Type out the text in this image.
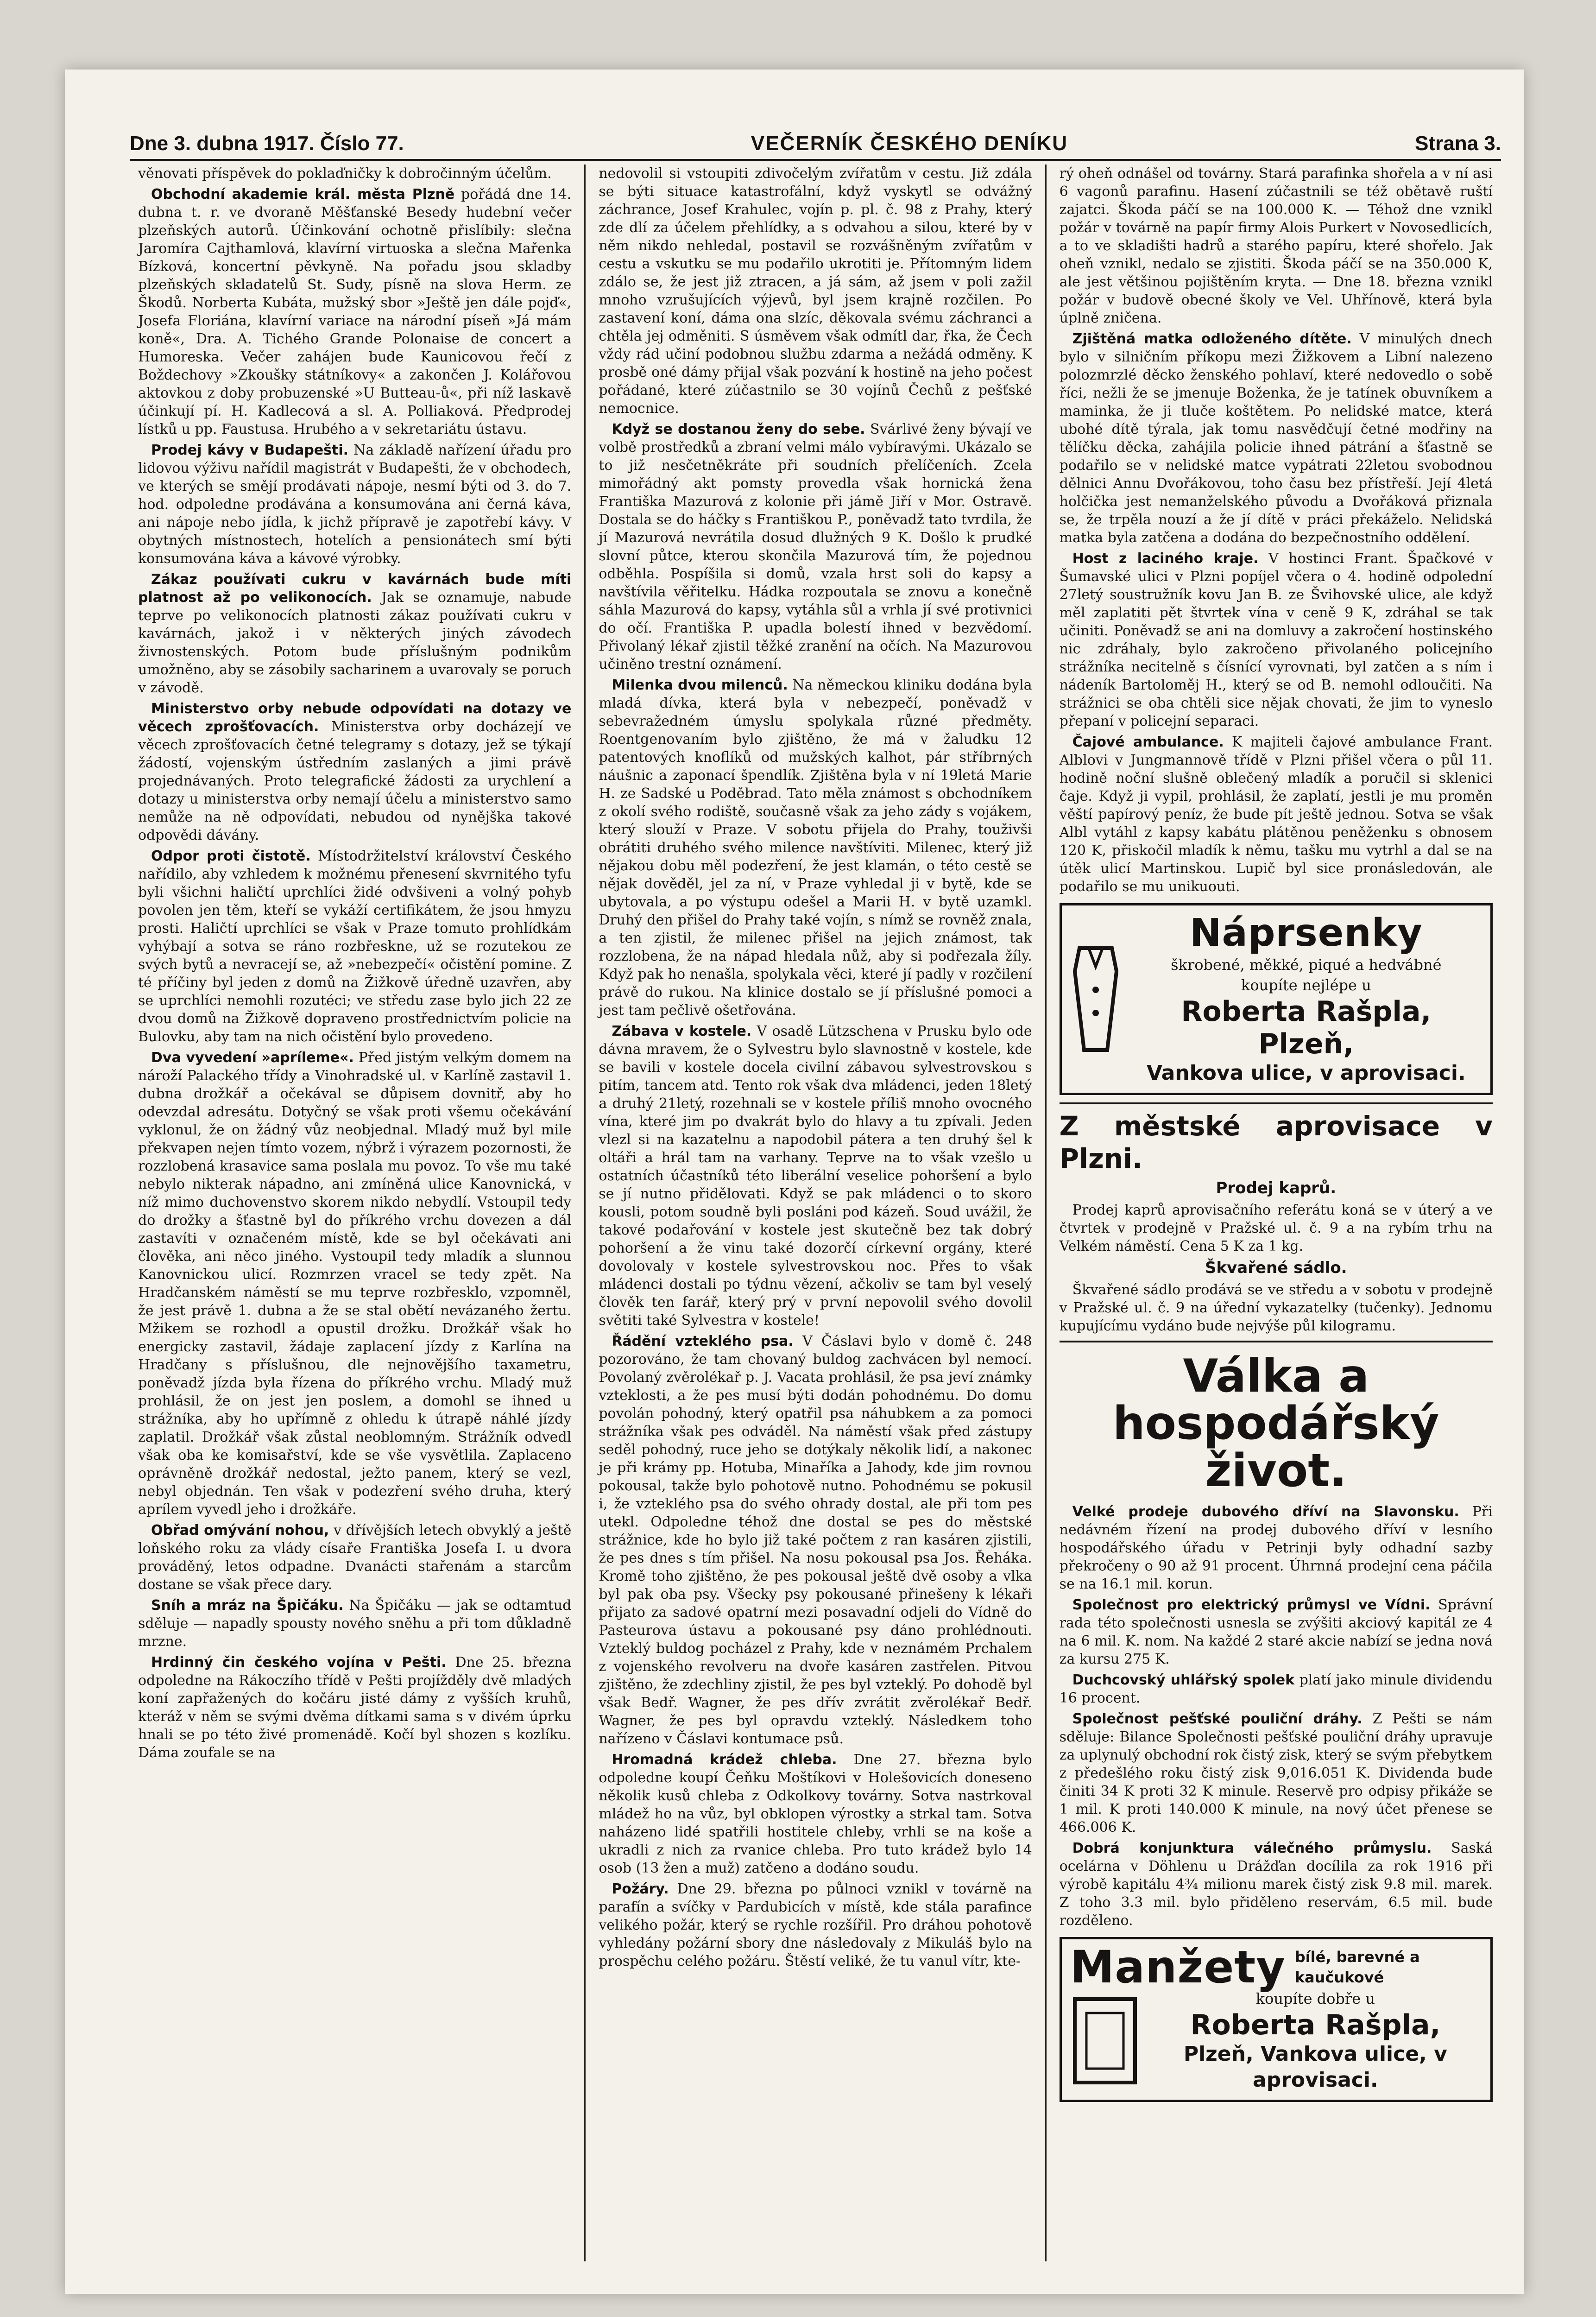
Dne 3. dubna 1917. Číslo 77.	VEČERNÍK ČESKÉHO DENÍKU	Strana 3.

věnovati příspěvek do poklaďničky k dobročinným účelům.

Obchodní akademie král. města Plzně pořádá dne 14. dubna t. r. ve dvoraně Měšťanské Besedy hudební večer plzeňských autorů. Účinkování ochotně přislíbily: slečna Jaromíra Cajthamlová, klavírní virtuoska a slečna Mařenka Bízková, koncertní pěvkyně. Na pořadu jsou skladby plzeňských skladatelů St. Sudy, písně na slova Herm. ze Škodů. Norberta Kubáta, mužský sbor »Ještě jen dále pojď«, Josefa Floriána, klavírní variace na národní píseň »Já mám koně«, Dra. A. Tichého Grande Polonaise de concert a Humoreska. Večer zahájen bude Kaunicovou řečí z Boždechovy »Zkoušky státníkovy« a zakončen J. Kolářovou aktovkou z doby probuzenské »U Butteau-ů«, při níž laskavě účinkují pí. H. Kadlecová a sl. A. Polliaková. Předprodej lístků u pp. Faustusa. Hrubého a v sekretariátu ústavu.

Prodej kávy v Budapešti. Na základě nařízení úřadu pro lidovou výživu nařídil magistrát v Budapešti, že v obchodech, ve kterých se smějí prodávati nápoje, nesmí býti od 3. do 7. hod. odpoledne prodávána a konsumována ani černá káva, ani nápoje nebo jídla, k jichž přípravě je zapotřebí kávy. V obytných místnostech, hotelích a pensionátech smí býti konsumována káva a kávové výrobky.

Zákaz používati cukru v kavárnách bude míti platnost až po velikonocích. Jak se oznamuje, nabude teprve po velikonocích platnosti zákaz používati cukru v kavárnách, jakož i v některých jiných závodech živnostenských. Potom bude příslušným podnikům umožněno, aby se zásobily sacharinem a uvarovaly se poruch v závodě.

Ministerstvo orby nebude odpovídati na dotazy ve věcech zprošťovacích. Ministerstva orby docházejí ve věcech zprošťovacích četné telegramy s dotazy, jež se týkají žádostí, vojenským ústředním zaslaných a jimi právě projednávaných. Proto telegrafické žádosti za urychlení a dotazy u ministerstva orby nemají účelu a ministerstvo samo nemůže na ně odpovídati, nebudou od nynějška takové odpovědi dávány.

Odpor proti čistotě. Místodržitelství království Českého nařídilo, aby vzhledem k možnému přenesení skvrnitého tyfu byli všichni haličtí uprchlíci židé odvšiveni a volný pohyb povolen jen těm, kteří se vykáží certifikátem, že jsou hmyzu prosti. Haličtí uprchlíci se však v Praze tomuto prohlídkám vyhýbají a sotva se ráno rozbřeskne, už se rozutekou ze svých bytů a nevracejí se, až »nebezpečí« očistění pomine. Z té příčiny byl jeden z domů na Žižkově úředně uzavřen, aby se uprchlíci nemohli rozutéci; ve středu zase bylo jich 22 ze dvou domů na Žižkově dopraveno prostřednictvím policie na Bulovku, aby tam na nich očistění bylo provedeno.

Dva vyvedení »apríleme«. Před jistým velkým domem na nároží Palackého třídy a Vinohradské ul. v Karlíně zastavil 1. dubna drožkář a očekával se důpisem dovnitř, aby ho odevzdal adresátu. Dotyčný se však proti všemu očekávání vyklonul, že on žádný vůz neobjednal. Mladý muž byl mile překvapen nejen tímto vozem, nýbrž i výrazem pozornosti, že rozzlobená krasavice sama poslala mu povoz. To vše mu také nebylo nikterak nápadno, ani zmíněná ulice Kanovnická, v níž mimo duchovenstvo skorem nikdo nebydlí. Vstoupil tedy do drožky a šťastně byl do příkrého vrchu dovezen a dál zastavíti v označeném místě, kde se byl očekávati ani člověka, ani něco jiného. Vystoupil tedy mladík a slunnou Kanovnickou ulicí. Rozmrzen vracel se tedy zpět. Na Hradčanském náměstí se mu teprve rozbřesklo, vzpomněl, že jest právě 1. dubna a že se stal obětí nevázaného žertu. Mžikem se rozhodl a opustil drožku. Drožkář však ho energicky zastavil, žádaje zaplacení jízdy z Karlína na Hradčany s příslušnou, dle nejnovějšího taxametru, poněvadž jízda byla řízena do příkrého vrchu. Mladý muž prohlásil, že on jest jen poslem, a domohl se ihned u strážníka, aby ho upřímně z ohledu k útrapě náhlé jízdy zaplatil. Drožkář však zůstal neoblomným. Strážník odvedl však oba ke komisařství, kde se vše vysvětlila. Zaplaceno oprávněně drožkář nedostal, ježto panem, který se vezl, nebyl objednán. Ten však v podezření svého druha, který aprílem vyvedl jeho i drožkáře.

Obřad omývání nohou, v dřívějších letech obvyklý a ještě loňského roku za vlády císaře Františka Josefa I. u dvora prováděný, letos odpadne. Dvanácti stařenám a starcům dostane se však přece dary.

Sníh a mráz na Špičáku. Na Špičáku — jak se odtamtud sděluje — napadly spousty nového sněhu a při tom důkladně mrzne.

Hrdinný čin českého vojína v Pešti. Dne 25. března odpoledne na Rákoczího třídě v Pešti projížděly dvě mladých koní zapřažených do kočáru jisté dámy z vyšších kruhů, kteráž v něm se svými dvěma dítkami sama s v divém úprku hnali se po této živé promenádě. Kočí byl shozen s kozlíku. Dáma zoufale se na

nedovolil si vstoupiti zdivočelým zvířatům v cestu. Již zdála se býti situace katastrofální, když vyskytl se odvážný záchrance, Josef Krahulec, vojín p. pl. č. 98 z Prahy, který zde dlí za účelem přehlídky, a s odvahou a silou, které by v něm nikdo nehledal, postavil se rozvášněným zvířatům v cestu a vskutku se mu podařilo ukrotiti je. Přítomným lidem zdálo se, že jest již ztracen, a já sám, až jsem v poli zažil mnoho vzrušujících výjevů, byl jsem krajně rozčilen. Po zastavení koní, dáma ona slzíc, děkovala svému záchranci a chtěla jej odměniti. S úsměvem však odmítl dar, řka, že Čech vždy rád učiní podobnou službu zdarma a nežádá odměny. K prosbě oné dámy přijal však pozvání k hostině na jeho počest pořádané, které zúčastnilo se 30 vojínů Čechů z pešťské nemocnice.

Když se dostanou ženy do sebe. Svárlivé ženy bývají ve volbě prostředků a zbraní velmi málo vybíravými. Ukázalo se to již nesčetněkráte při soudních přelíčeních. Zcela mimořádný akt pomsty provedla však hornická žena Františka Mazurová z kolonie při jámě Jiří v Mor. Ostravě. Dostala se do háčky s Františkou P., poněvadž tato tvrdila, že jí Mazurová nevrátila dosud dlužných 9 K. Došlo k prudké slovní půtce, kterou skončila Mazurová tím, že pojednou odběhla. Pospíšila si domů, vzala hrst soli do kapsy a navštívila věřitelku. Hádka rozpoutala se znovu a konečně sáhla Mazurová do kapsy, vytáhla sůl a vrhla jí své protivnici do očí. Františka P. upadla bolestí ihned v bezvědomí. Přivolaný lékař zjistil těžké zranění na očích. Na Mazurovou učiněno trestní oznámení.

Milenka dvou milenců. Na německou kliniku dodána byla mladá dívka, která byla v nebezpečí, poněvadž v sebevražedném úmyslu spolykala různé předměty. Roentgenovaním bylo zjištěno, že má v žaludku 12 patentových knoflíků od mužských kalhot, pár stříbrných náušnic a zaponací špendlík. Zjištěna byla v ní 19letá Marie H. ze Sadské u Poděbrad. Tato měla známost s obchodníkem z okolí svého rodiště, současně však za jeho zády s vojákem, který slouží v Praze. V sobotu přijela do Prahy, touživši obrátiti druhého svého milence navštíviti. Milenec, který již nějakou dobu měl podezření, že jest klamán, o této cestě se nějak dověděl, jel za ní, v Praze vyhledal ji v bytě, kde se ubytovala, a po výstupu odešel a Marii H. v bytě uzamkl. Druhý den přišel do Prahy také vojín, s nímž se rovněž znala, a ten zjistil, že milenec přišel na jejich známost, tak rozzlobena, že na nápad hledala nůž, aby si podřezala žíly. Když pak ho nenašla, spolykala věci, které jí padly v rozčilení právě do rukou. Na klinice dostalo se jí příslušné pomoci a jest tam pečlivě ošetřována.

Zábava v kostele. V osadě Lützschena v Prusku bylo ode dávna mravem, že o Sylvestru bylo slavnostně v kostele, kde se bavili v kostele docela civilní zábavou sylvestrovskou s pitím, tancem atd. Tento rok však dva mládenci, jeden 18letý a druhý 21letý, rozehnali se v kostele příliš mnoho ovocného vína, které jim po dvakrát bylo do hlavy a tu zpívali. Jeden vlezl si na kazatelnu a napodobil pátera a ten druhý šel k oltáři a hrál tam na varhany. Teprve na to však vzešlo u ostatních účastníků této liberální veselice pohoršení a bylo se jí nutno přidělovati. Když se pak mládenci o to skoro kousli, potom soudně byli posláni pod kázeň. Soud uvážil, že takové podařování v kostele jest skutečně bez tak dobrý pohoršení a že vinu také dozorčí církevní orgány, které dovolovaly v kostele sylvestrovskou noc. Přes to však mládenci dostali po týdnu vězení, ačkoliv se tam byl veselý člověk ten farář, který prý v první nepovolil svého dovolil světiti také Sylvestra v kostele!

Řádění vzteklého psa. V Čáslavi bylo v domě č. 248 pozorováno, že tam chovaný buldog zachvácen byl nemocí. Povolaný zvěrolékař p. J. Vacata prohlásil, že psa jeví známky vzteklosti, a že pes musí býti dodán pohodnému. Do domu povolán pohodný, který opatřil psa náhubkem a za pomoci strážníka však pes odváděl. Na náměstí však před zástupy seděl pohodný, ruce jeho se dotýkaly několik lidí, a nakonec je při krámy pp. Hotuba, Minaříka a Jahody, kde jim rovnou pokousal, takže bylo pohotově nutno. Pohodnému se pokusil i, že vzteklého psa do svého ohrady dostal, ale při tom pes utekl. Odpoledne téhož dne dostal se pes do městské strážnice, kde ho bylo již také počtem z ran kasáren zjistili, že pes dnes s tím přišel. Na nosu pokousal psa Jos. Řeháka. Kromě toho zjištěno, že pes pokousal ještě dvě osoby a vlka byl pak oba psy. Všecky psy pokousané přinešeny k lékaři přijato za sadové opatrní mezi posavadní odjeli do Vídně do Pasteurova ústavu a pokousané psy dáno prohlédnouti. Vzteklý buldog pocházel z Prahy, kde v neznámém Prchalem z vojenského revolveru na dvoře kasáren zastřelen. Pitvou zjištěno, že zdechliny zjistil, že pes byl vzteklý. Po dohodě byl však Bedř. Wagner, že pes dřív zvrátit zvěrolékař Bedř. Wagner, že pes byl opravdu vzteklý. Následkem toho nařízeno v Čáslavi kontumace psů.

Hromadná krádež chleba. Dne 27. března bylo odpoledne koupí Čeňku Moštíkovi v Holešovicích doneseno několik kusů chleba z Odkolkovy továrny. Sotva nastrkoval mládež ho na vůz, byl obklopen výrostky a strkal tam. Sotva naházeno lidé spatřili hostitele chleby, vrhli se na koše a ukradli z nich za rvanice chleba. Pro tuto krádež bylo 14 osob (13 žen a muž) zatčeno a dodáno soudu.

Požáry. Dne 29. března po půlnoci vznikl v továrně na parafín a svíčky v Pardubicích v místě, kde stála parafince velikého požár, který se rychle rozšířil. Pro dráhou pohotově vyhledány požární sbory dne následovaly z Mikuláš bylo na prospěchu celého požáru. Štěstí veliké, že tu vanul vítr, kte-

rý oheň odnášel od továrny. Stará parafinka shořela a v ní asi 6 vagonů parafinu. Hasení zúčastnili se též obětavě ruští zajatci. Škoda páčí se na 100.000 K. — Téhož dne vznikl požár v továrně na papír firmy Alois Purkert v Novosedlicích, a to ve skladišti hadrů a starého papíru, které shořelo. Jak oheň vznikl, nedalo se zjistiti. Škoda páčí se na 350.000 K, ale jest většinou pojištěním kryta. — Dne 18. března vznikl požár v budově obecné školy ve Vel. Uhřínově, která byla úplně zničena.

Zjištěná matka odloženého dítěte. V minulých dnech bylo v silničním příkopu mezi Žižkovem a Libní nalezeno polozmrzlé děcko ženského pohlaví, které nedovedlo o sobě říci, nežli že se jmenuje Boženka, že je tatínek obuvníkem a maminka, že ji tluče koštětem. Po nelidské matce, která ubohé dítě týrala, jak tomu nasvědčují četné modřiny na tělíčku děcka, zahájila policie ihned pátrání a šťastně se podařilo se v nelidské matce vypátrati 22letou svobodnou dělnici Annu Dvořákovou, toho času bez přístřeší. Její 4letá holčička jest nemanželského původu a Dvořáková přiznala se, že trpěla nouzí a že jí dítě v práci překáželo. Nelidská matka byla zatčena a dodána do bezpečnostního oddělení.

Host z laciného kraje. V hostinci Frant. Špačkové v Šumavské ulici v Plzni popíjel včera o 4. hodině odpolední 27letý soustružník kovu Jan B. ze Švihovské ulice, ale když měl zaplatiti pět štvrtek vína v ceně 9 K, zdráhal se tak učiniti. Poněvadž se ani na domluvy a zakročení hostinského nic zdráhaly, bylo zakročeno přivolaného policejního strážníka necitelně s čísnící vyrovnati, byl zatčen a s ním i nádeník Bartoloměj H., který se od B. nemohl odloučiti. Na strážnici se oba chtěli sice nějak chovati, že jim to vyneslo přepaní v policejní separaci.

Čajové ambulance. K majiteli čajové ambulance Frant. Alblovi v Jungmannově třídě v Plzni přišel včera o půl 11. hodině noční slušně oblečený mladík a poručil si sklenici čaje. Když ji vypil, prohlásil, že zaplatí, jestli je mu proměn věští papírový peníz, že bude pít ještě jednou. Sotva se však Albl vytáhl z kapsy kabátu plátěnou peněženku s obnosem 120 K, přiskočil mladík k němu, tašku mu vytrhl a dal se na útěk ulicí Martinskou. Lupič byl sice pronásledován, ale podařilo se mu unikuouti.

Náprsenky
škrobené, měkké, piqué a hedvábné
koupíte nejlépe u
Roberta Rašpla, Plzeň,
Vankova ulice, v aprovisaci.
Z městské aprovisace v Plzni.
Prodej kaprů.

Prodej kaprů aprovisačního referátu koná se v úterý a ve čtvrtek v prodejně v Pražské ul. č. 9 a na rybím trhu na Velkém náměstí. Cena 5 K za 1 kg.

Škvařené sádlo.

Škvařené sádlo prodává se ve středu a v sobotu v prodejně v Pražské ul. č. 9 na úřední vykazatelky (tučenky). Jednomu kupujícímu vydáno bude nejvýše půl kilogramu.

Válka a hospodářský život.

Velké prodeje dubového dříví na Slavonsku. Při nedávném řízení na prodej dubového dříví v lesního hospodářského úřadu v Petrinji byly odhadní sazby překročeny o 90 až 91 procent. Úhrnná prodejní cena páčila se na 16.1 mil. korun.

Společnost pro elektrický průmysl ve Vídni. Správní rada této společnosti usnesla se zvýšiti akciový kapitál ze 4 na 6 mil. K. nom. Na každé 2 staré akcie nabízí se jedna nová za kursu 275 K.

Duchcovský uhlářský spolek platí jako minule dividendu 16 procent.

Společnost pešťské pouliční dráhy. Z Pešti se nám sděluje: Bilance Společnosti pešťské pouliční dráhy upravuje za uplynulý obchodní rok čistý zisk, který se svým přebytkem z předešlého roku čistý zisk 9,016.051 K. Dividenda bude činiti 34 K proti 32 K minule. Reservě pro odpisy přikáže se 1 mil. K proti 140.000 K minule, na nový účet přenese se 466.006 K.

Dobrá konjunktura válečného průmyslu. Saská ocelárna v Döhlenu u Drážďan docílila za rok 1916 při výrobě kapitálu 4¾ milionu marek čistý zisk 9.8 mil. marek. Z toho 3.3 mil. bylo přiděleno reservám, 6.5 mil. bude rozděleno.

Manžety bílé, barevné a kaučukové
koupíte dobře u
Roberta Rašpla,
Plzeň, Vankova ulice, v aprovisaci.
